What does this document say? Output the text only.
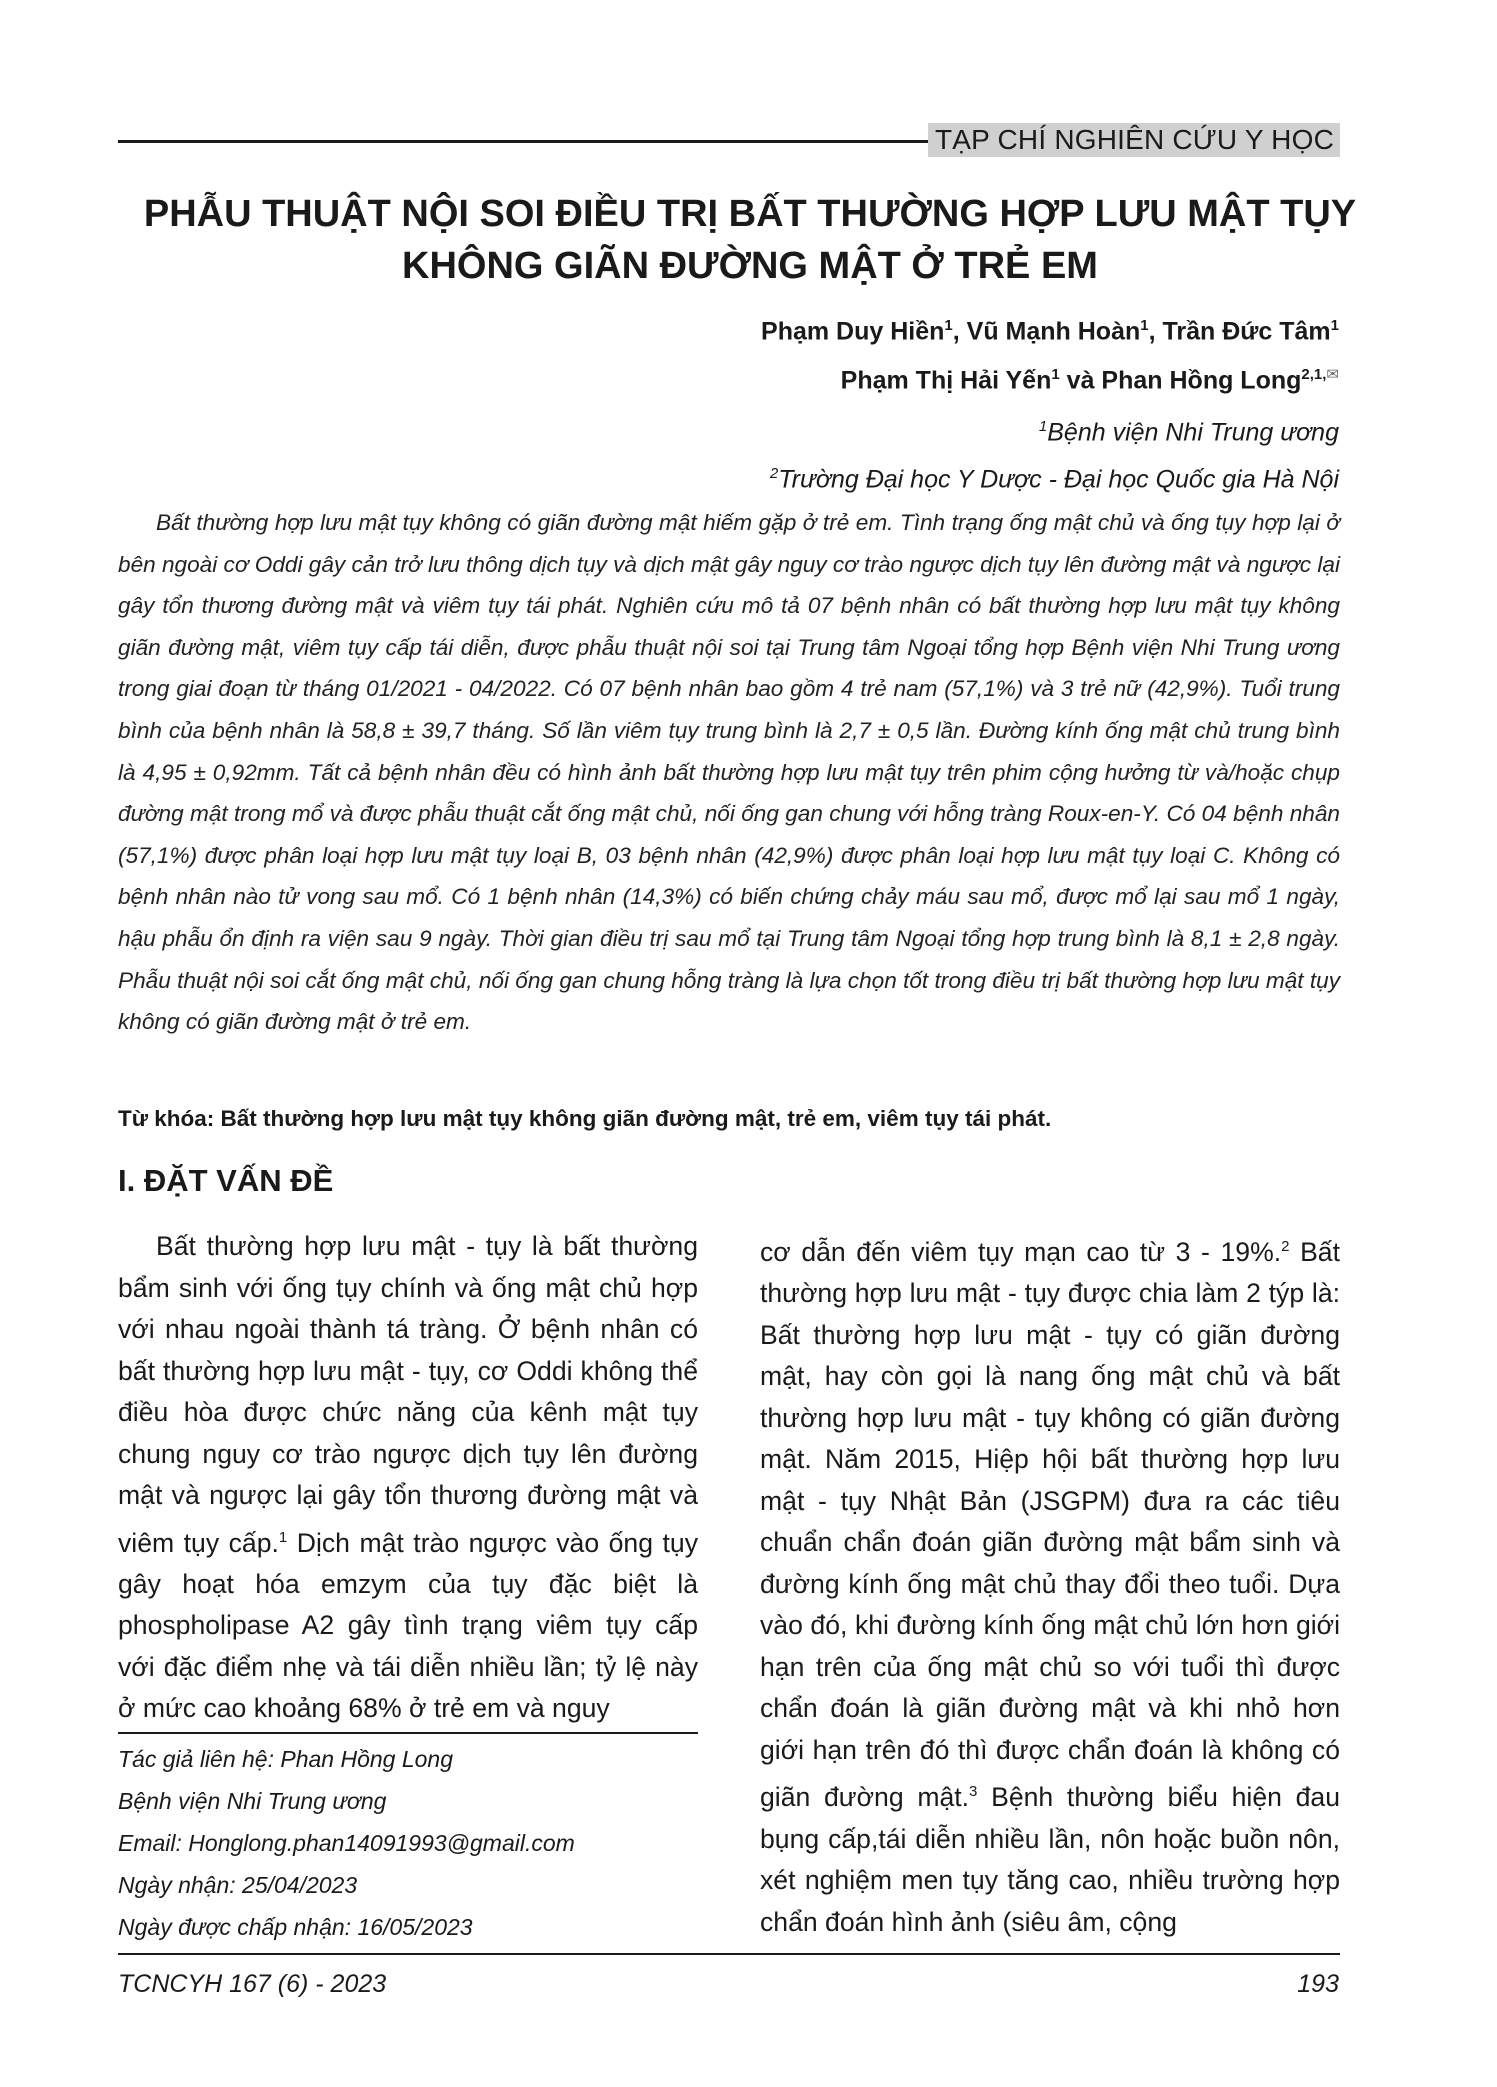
TẠP CHÍ NGHIÊN CỨU Y HỌC
PHẪU THUẬT NỘI SOI ĐIỀU TRỊ BẤT THƯỜNG HỢP LƯU MẬT TỤY
KHÔNG GIÃN ĐƯỜNG MẬT Ở TRẺ EM
Phạm Duy Hiền$^1$, Vũ Mạnh Hoàn$^1$, Trần Đức Tâm$^1$
Phạm Thị Hải Yến$^1$ và Phan Hồng Long$^{2,1,✉}$
$^1$Bệnh viện Nhi Trung ương
$^2$Trường Đại học Y Dược - Đại học Quốc gia Hà Nội

Bất thường hợp lưu mật tụy không có giãn đường mật hiếm gặp ở trẻ em. Tình trạng ống mật chủ và ống tụy hợp lại ở bên ngoài cơ Oddi gây cản trở lưu thông dịch tụy và dịch mật gây nguy cơ trào ngược dịch tụy lên đường mật và ngược lại gây tổn thương đường mật và viêm tụy tái phát. Nghiên cứu mô tả 07 bệnh nhân có bất thường hợp lưu mật tụy không giãn đường mật, viêm tụy cấp tái diễn, được phẫu thuật nội soi tại Trung tâm Ngoại tổng hợp Bệnh viện Nhi Trung ương trong giai đoạn từ tháng 01/2021 - 04/2022. Có 07 bệnh nhân bao gồm 4 trẻ nam (57,1%) và 3 trẻ nữ (42,9%). Tuổi trung bình của bệnh nhân là 58,8 ± 39,7 tháng. Số lần viêm tụy trung bình là 2,7 ± 0,5 lần. Đường kính ống mật chủ trung bình là 4,95 ± 0,92mm. Tất cả bệnh nhân đều có hình ảnh bất thường hợp lưu mật tụy trên phim cộng hưởng từ và/hoặc chụp đường mật trong mổ và được phẫu thuật cắt ống mật chủ, nối ống gan chung với hỗng tràng Roux-en-Y. Có 04 bệnh nhân (57,1%) được phân loại hợp lưu mật tụy loại B, 03 bệnh nhân (42,9%) được phân loại hợp lưu mật tụy loại C. Không có bệnh nhân nào tử vong sau mổ. Có 1 bệnh nhân (14,3%) có biến chứng chảy máu sau mổ, được mổ lại sau mổ 1 ngày, hậu phẫu ổn định ra viện sau 9 ngày. Thời gian điều trị sau mổ tại Trung tâm Ngoại tổng hợp trung bình là 8,1 ± 2,8 ngày. Phẫu thuật nội soi cắt ống mật chủ, nối ống gan chung hỗng tràng là lựa chọn tốt trong điều trị bất thường hợp lưu mật tụy không có giãn đường mật ở trẻ em.

Từ khóa: Bất thường hợp lưu mật tụy không giãn đường mật, trẻ em, viêm tụy tái phát.

I. ĐẶT VẤN ĐỀ

Bất thường hợp lưu mật - tụy là bất thường bẩm sinh với ống tụy chính và ống mật chủ hợp với nhau ngoài thành tá tràng. Ở bệnh nhân có bất thường hợp lưu mật - tụy, cơ Oddi không thể điều hòa được chức năng của kênh mật tụy chung nguy cơ trào ngược dịch tụy lên đường mật và ngược lại gây tổn thương đường mật và viêm tụy cấp.$^1$ Dịch mật trào ngược vào ống tụy gây hoạt hóa emzym của tụy đặc biệt là phospholipase A2 gây tình trạng viêm tụy cấp với đặc điểm nhẹ và tái diễn nhiều lần; tỷ lệ này ở mức cao khoảng 68% ở trẻ em và nguy

cơ dẫn đến viêm tụy mạn cao từ 3 - 19%.$^2$ Bất thường hợp lưu mật - tụy được chia làm 2 týp là: Bất thường hợp lưu mật - tụy có giãn đường mật, hay còn gọi là nang ống mật chủ và bất thường hợp lưu mật - tụy không có giãn đường mật. Năm 2015, Hiệp hội bất thường hợp lưu mật - tụy Nhật Bản (JSGPM) đưa ra các tiêu chuẩn chẩn đoán giãn đường mật bẩm sinh và đường kính ống mật chủ thay đổi theo tuổi. Dựa vào đó, khi đường kính ống mật chủ lớn hơn giới hạn trên của ống mật chủ so với tuổi thì được chẩn đoán là giãn đường mật và khi nhỏ hơn giới hạn trên đó thì được chẩn đoán là không có giãn đường mật.$^3$ Bệnh thường biểu hiện đau bụng cấp,tái diễn nhiều lần, nôn hoặc buồn nôn, xét nghiệm men tụy tăng cao, nhiều trường hợp chẩn đoán hình ảnh (siêu âm, cộng

Tác giả liên hệ: Phan Hồng Long
Bệnh viện Nhi Trung ương
Email: Honglong.phan14091993@gmail.com
Ngày nhận: 25/04/2023
Ngày được chấp nhận: 16/05/2023
TCNCYH 167 (6) - 2023	193
